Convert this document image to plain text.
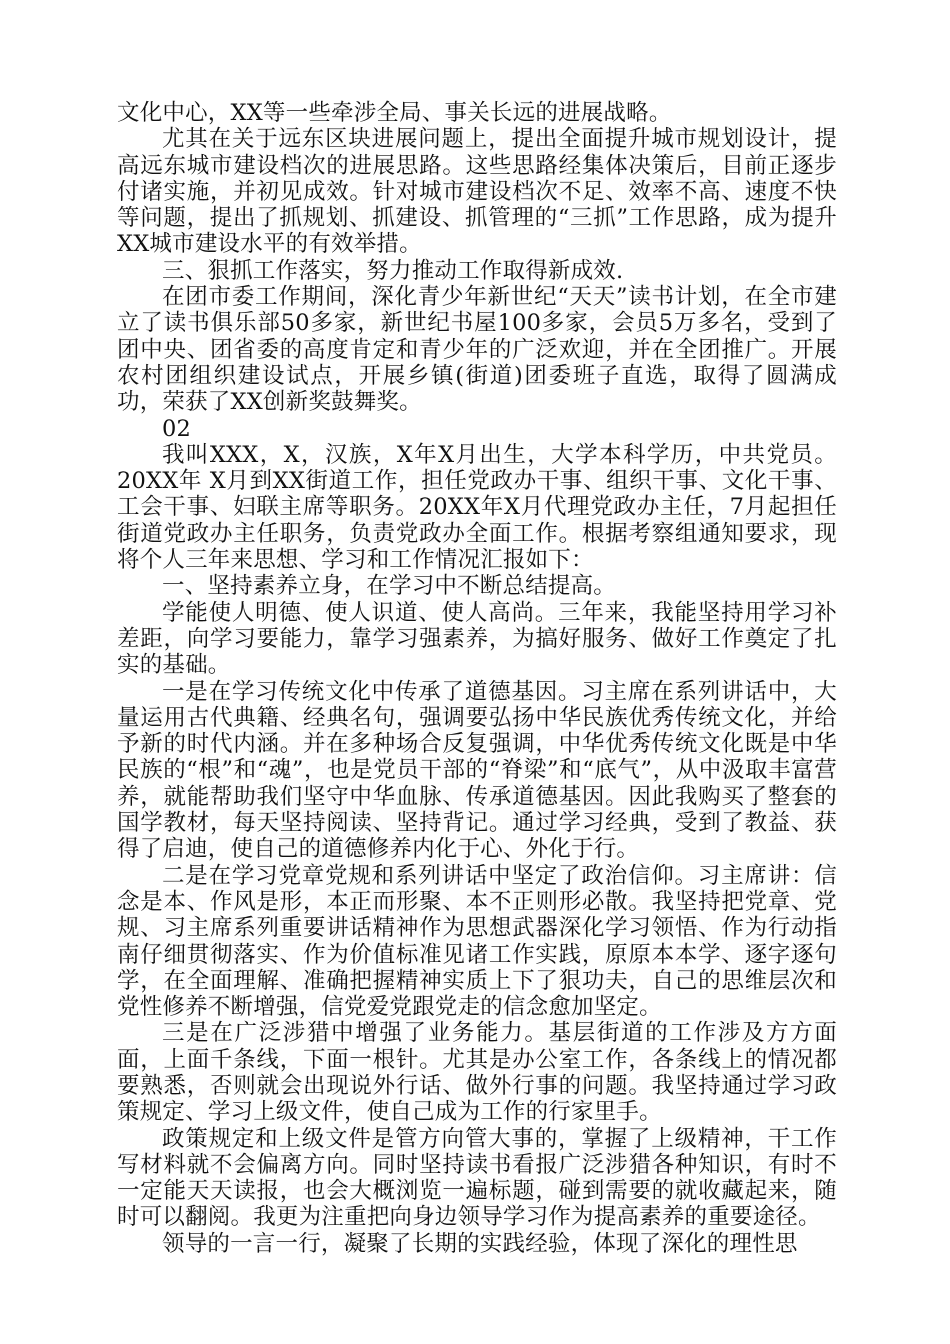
文化中心，XX等一些牵涉全局、事关长远的进展战略。

尤其在关于远东区块进展问题上，提出全面提升城市规划设计，提高远东城市建设档次的进展思路。这些思路经集体决策后，目前正逐步付诸实施，并初见成效。针对城市建设档次不足、效率不高、速度不快等问题，提出了抓规划、抓建设、抓管理的“三抓”工作思路，成为提升XX城市建设水平的有效举措。

三、狠抓工作落实，努力推动工作取得新成效.

在团市委工作期间，深化青少年新世纪“天天”读书计划，在全市建立了读书俱乐部50多家，新世纪书屋100多家，会员5万多名，受到了团中央、团省委的高度肯定和青少年的广泛欢迎，并在全团推广。开展农村团组织建设试点，开展乡镇(街道)团委班子直选，取得了圆满成功，荣获了XX创新奖鼓舞奖。

02

我叫XXX，X，汉族，X年X月出生，大学本科学历，中共党员。20XX年 X月到XX街道工作，担任党政办干事、组织干事、文化干事、工会干事、妇联主席等职务。20XX年X月代理党政办主任，7月起担任街道党政办主任职务，负责党政办全面工作。根据考察组通知要求，现将个人三年来思想、学习和工作情况汇报如下：

一、坚持素养立身，在学习中不断总结提高。

学能使人明德、使人识道、使人高尚。三年来，我能坚持用学习补差距，向学习要能力，靠学习强素养，为搞好服务、做好工作奠定了扎实的基础。

一是在学习传统文化中传承了道德基因。习主席在系列讲话中，大量运用古代典籍、经典名句，强调要弘扬中华民族优秀传统文化，并给予新的时代内涵。并在多种场合反复强调，中华优秀传统文化既是中华民族的“根”和“魂”，也是党员干部的“脊梁”和“底气”，从中汲取丰富营养，就能帮助我们坚守中华血脉、传承道德基因。因此我购买了整套的国学教材，每天坚持阅读、坚持背记。通过学习经典，受到了教益、获得了启迪，使自己的道德修养内化于心、外化于行。

二是在学习党章党规和系列讲话中坚定了政治信仰。习主席讲：信念是本、作风是形，本正而形聚、本不正则形必散。我坚持把党章、党规、习主席系列重要讲话精神作为思想武器深化学习领悟、作为行动指南仔细贯彻落实、作为价值标准见诸工作实践，原原本本学、逐字逐句学，在全面理解、准确把握精神实质上下了狠功夫，自己的思维层次和党性修养不断增强，信党爱党跟党走的信念愈加坚定。

三是在广泛涉猎中增强了业务能力。基层街道的工作涉及方方面面，上面千条线，下面一根针。尤其是办公室工作，各条线上的情况都要熟悉，否则就会出现说外行话、做外行事的问题。我坚持通过学习政策规定、学习上级文件，使自己成为工作的行家里手。

政策规定和上级文件是管方向管大事的，掌握了上级精神，干工作写材料就不会偏离方向。同时坚持读书看报广泛涉猎各种知识，有时不一定能天天读报，也会大概浏览一遍标题，碰到需要的就收藏起来，随时可以翻阅。我更为注重把向身边领导学习作为提高素养的重要途径。

领导的一言一行，凝聚了长期的实践经验，体现了深化的理性思
